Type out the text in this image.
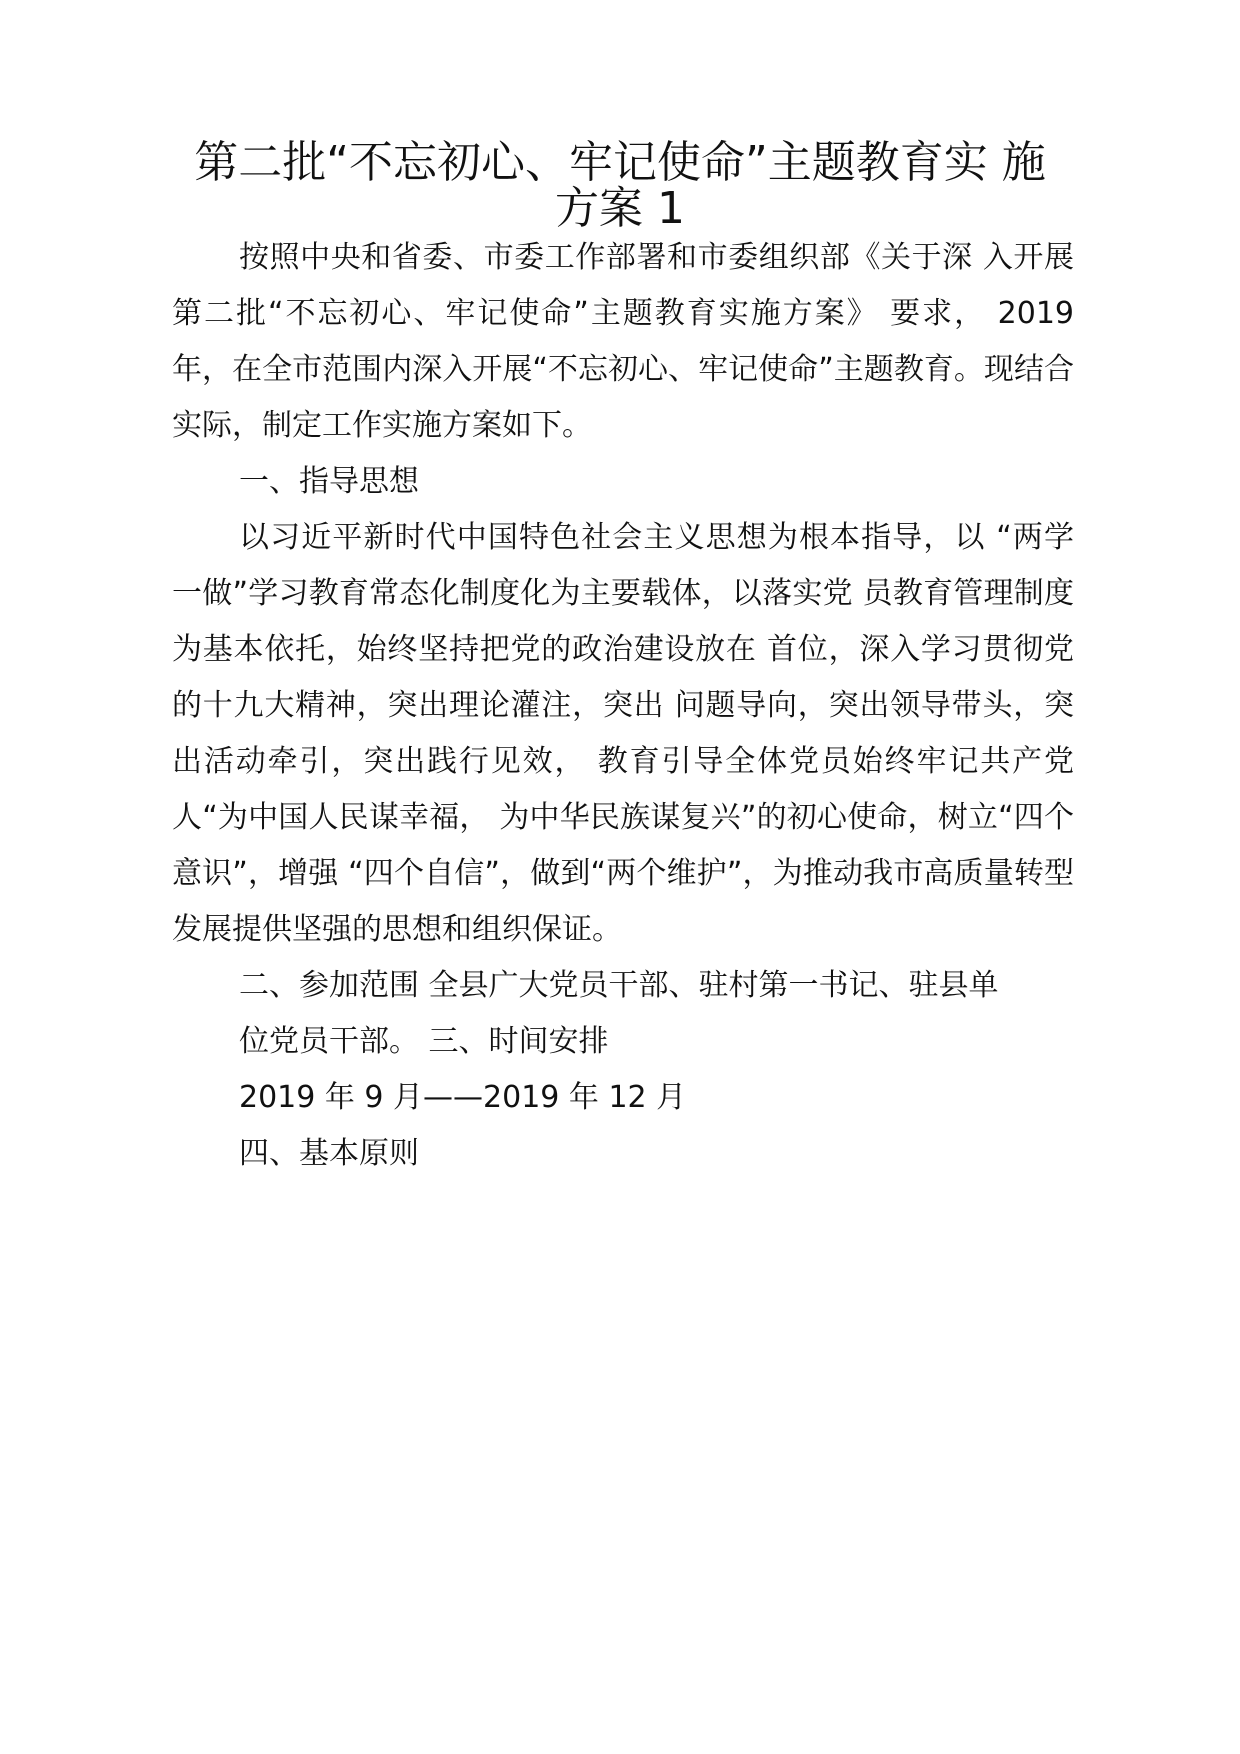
第二批“不忘初心、牢记使命”主题教育实 施
方案 1

按照中央和省委、市委工作部署和市委组织部《关于深 入开展第二批“不忘初心、牢记使命”主题教育实施方案》 要求， 2019 年，在全市范围内深入开展“不忘初心、牢记使命”主题教育。现结合实际，制定工作实施方案如下。

一、指导思想

以习近平新时代中国特色社会主义思想为根本指导，以 “两学一做”学习教育常态化制度化为主要载体，以落实党 员教育管理制度为基本依托，始终坚持把党的政治建设放在 首位，深入学习贯彻党的十九大精神，突出理论灌注，突出 问题导向，突出领导带头，突出活动牵引，突出践行见效， 教育引导全体党员始终牢记共产党人“为中国人民谋幸福， 为中华民族谋复兴”的初心使命，树立“四个意识”，增强 “四个自信”，做到“两个维护”，为推动我市高质量转型 发展提供坚强的思想和组织保证。

二、参加范围 全县广大党员干部、驻村第一书记、驻县单

位党员干部。 三、时间安排

2019 年 9 月——2019 年 12 月

四、基本原则
